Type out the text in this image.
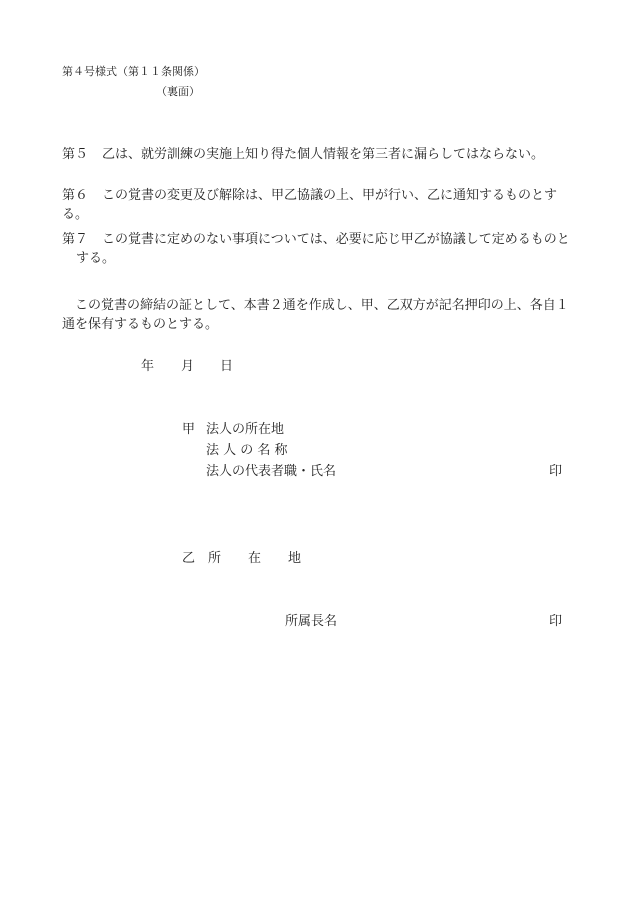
第４号様式（第１１条関係）
（裏面）
第５ 乙は、就労訓練の実施上知り得た個人情報を第三者に漏らしてはならない。
第６ この覚書の変更及び解除は、甲乙協議の上、甲が行い、乙に通知するものとする。
第７ この覚書に定めのない事項については、必要に応じ甲乙が協議して定めるものと
する。
この覚書の締結の証として、本書２通を作成し、甲、乙双方が記名押印の上、各自１
通を保有するものとする。
年 月 日
甲 法人の所在地
法 人 の 名 称
法人の代表者職・氏名	印
乙 所 在 地
所属長名	印
